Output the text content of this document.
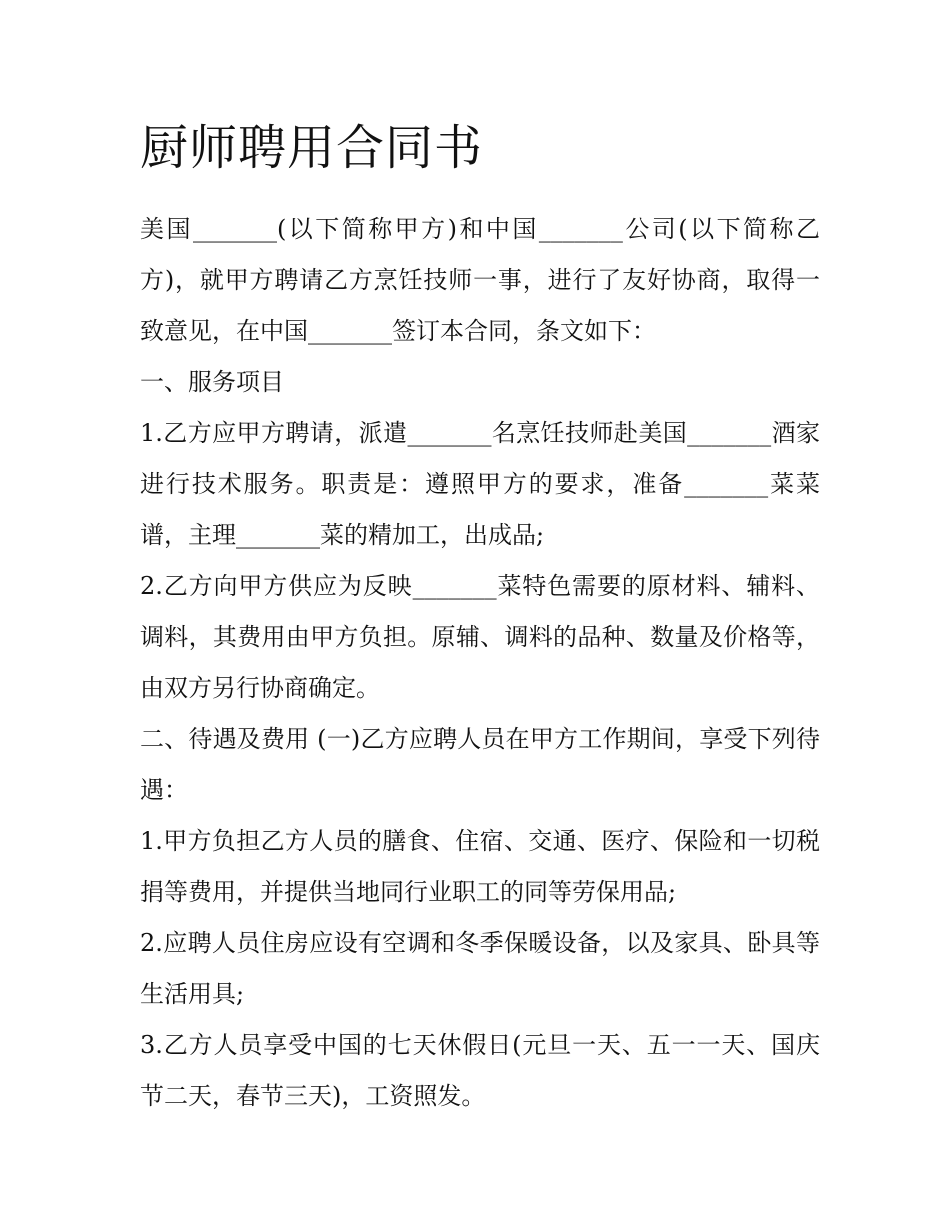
厨师聘用合同书

美国_______(以下简称甲方)和中国_______公司(以下简称乙方)，就甲方聘请乙方烹饪技师一事，进行了友好协商，取得一致意见，在中国_______签订本合同，条文如下：

一、服务项目

1.乙方应甲方聘请，派遣_______名烹饪技师赴美国_______酒家进行技术服务。职责是：遵照甲方的要求，准备_______菜菜谱，主理_______菜的精加工，出成品;

2.乙方向甲方供应为反映_______菜特色需要的原材料、辅料、调料，其费用由甲方负担。原辅、调料的品种、数量及价格等，由双方另行协商确定。

二、待遇及费用 (一)乙方应聘人员在甲方工作期间，享受下列待遇：

1.甲方负担乙方人员的膳食、住宿、交通、医疗、保险和一切税捐等费用，并提供当地同行业职工的同等劳保用品;

2.应聘人员住房应设有空调和冬季保暖设备，以及家具、卧具等生活用具;

3.乙方人员享受中国的七天休假日(元旦一天、五一一天、国庆节二天，春节三天)，工资照发。
